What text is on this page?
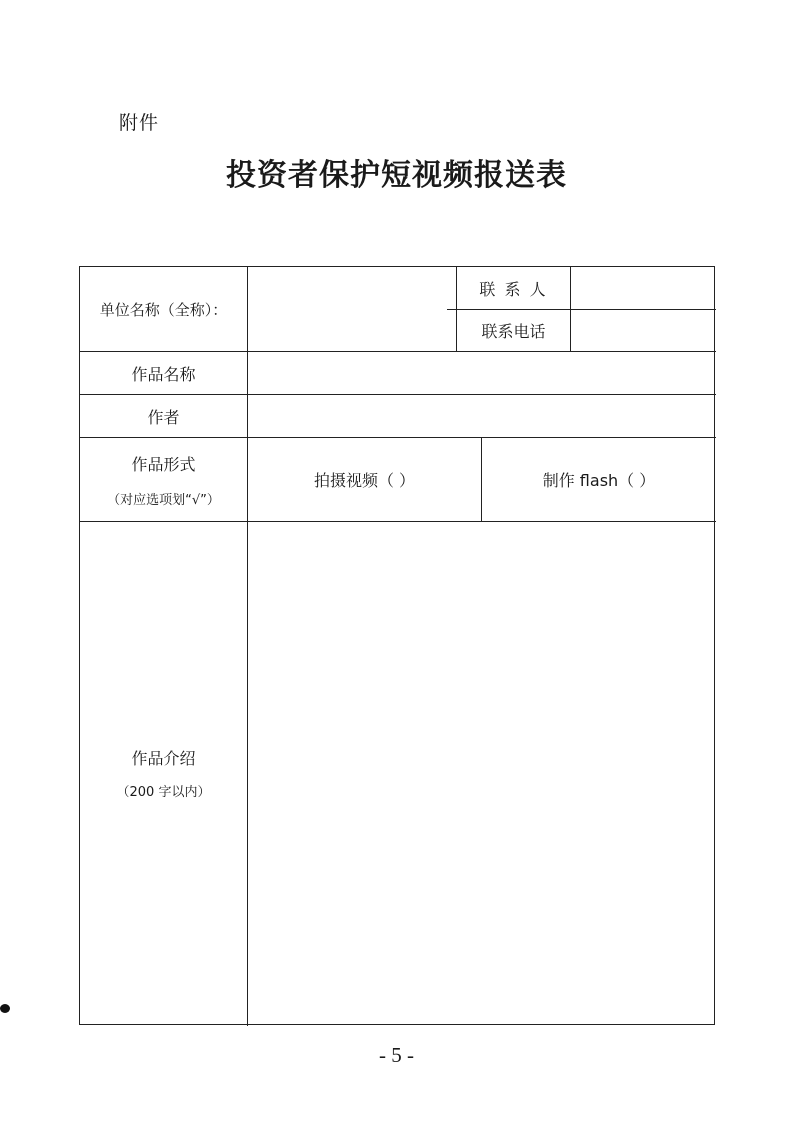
附件
投资者保护短视频报送表
单位名称（全称）：
联 系 人
联系电话
作品名称
作者
作品形式
（对应选项划“√”）
拍摄视频（ ）	制作 flash（ ）
作品介绍
（200 字以内）
- 5 -
